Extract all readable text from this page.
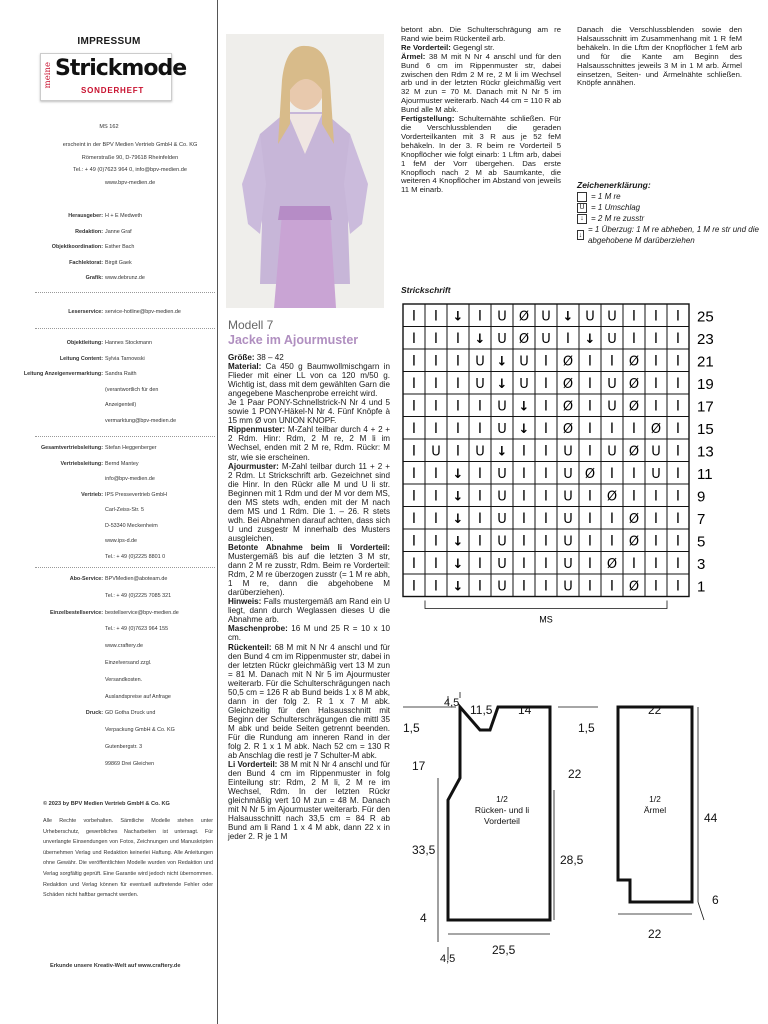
IMPRESSUM
meine Strickmode
SONDERHEFT
MS 162
erscheint in der BPV Medien Vertrieb GmbH & Co. KG
Römerstraße 90, D-79618 Rheinfelden
Tel.: + 49 (0)7623 964 0, info@bpv-medien.de
www.bpv-medien.de
Herausgeber: H + E Medweth
Redaktion: Janne Graf
Objektkoordination: Esther Bach
Fachlektorat: Birgit Gaek
Grafik: www.debrunz.de
Leserservice: service-hotline@bpv-medien.de
Objektleitung: Hannes Stockmann
Leitung Content: Sylvia Tarnowski
Leitung Anzeigenvermarktung: Sandra Raith
(verantwortlich für den
Anzeigenteil)
vermarktung@bpv-medien.de
Gesamtvertriebsleitung: Stefan Heggenberger
Vertriebsleitung: Bernd Mantey
info@bpv-medien.de
Vertrieb: IPS Pressevertrieb GmbH
Carl-Zeiss-Str. 5
D-53340 Meckenheim
www.ips-d.de
Tel.: + 49 (0)2225 8801 0
Abo-Service: BPVMedien@aboteam.de
Tel.: + 49 (0)2225 7085 321
Einzelbestellservice: bestellservice@bpv-medien.de
Tel.: + 49 (0)7623 964 155
www.craftery.de
Einzelversand zzgl.
Versandkosten.
Auslandspreise auf Anfrage
Druck: GD Gotha Druck und
Verpackung GmbH & Co. KG
Gutenbergstr. 3
99869 Drei Gleichen
© 2023 by BPV Medien Vertrieb GmbH & Co. KG
Alle Rechte vorbehalten. Sämtliche Modelle stehen unter Urheberschutz, gewerbliches Nacharbeiten ist untersagt. Für unverlangte Einsendungen von Fotos, Zeichnungen und Manuskripten übernehmen Verlag und Redaktion keinerlei Haftung. Alle Anleitungen ohne Gewähr. Die veröffentlichten Modelle wurden von Redaktion und Verlag sorgfältig geprüft. Eine Garantie wird jedoch nicht übernommen. Redaktion und Verlag können für eventuell auftretende Fehler oder Schäden nicht haftbar gemacht werden.
Erkunde unsere Kreativ-Welt auf www.craftery.de
Modell 7
Jacke im Ajourmuster

Größe: 38 – 42

Material: Ca 450 g Baumwollmischgarn in Flieder mit einer LL von ca 120 m/50 g. Wichtig ist, dass mit dem gewählten Garn die angegebene Maschenprobe erreicht wird.

Je 1 Paar PONY-Schnellstrick-N Nr 4 und 5 sowie 1 PONY-Häkel-N Nr 4. Fünf Knöpfe à 15 mm Ø von UNION KNOPF.

Rippenmuster: M-Zahl teilbar durch 4 + 2 + 2 Rdm. Hinr: Rdm, 2 M re, 2 M li im Wechsel, enden mit 2 M re, Rdm. Rückr: M str, wie sie erscheinen.

Ajourmuster: M-Zahl teilbar durch 11 + 2 + 2 Rdm. Lt Strickschrift arb. Gezeichnet sind die Hinr. In den Rückr alle M und U li str. Beginnen mit 1 Rdm und der M vor dem MS, den MS stets wdh, enden mit der M nach dem MS und 1 Rdm. Die 1. – 26. R stets wdh. Bei Abnahmen darauf achten, dass sich U und zusgestr M innerhalb des Musters ausgleichen.

Betonte Abnahme beim li Vorderteil: Mustergemäß bis auf die letzten 3 M str, dann 2 M re zusstr, Rdm. Beim re Vorderteil: Rdm, 2 M re überzogen zusstr (= 1 M re abh, 1 M re, dann die abgehobene M darüberziehen).

Hinweis: Falls mustergemäß am Rand ein U liegt, dann durch Weglassen dieses U die Abnahme arb.

Maschenprobe: 16 M und 25 R = 10 x 10 cm.

Rückenteil: 68 M mit N Nr 4 anschl und für den Bund 4 cm im Rippenmuster str, dabei in der letzten Rückr gleichmäßig vert 13 M zun = 81 M. Danach mit N Nr 5 im Ajourmuster weiterarb. Für die Schulterschrägungen nach 50,5 cm = 126 R ab Bund beids 1 x 8 M abk, dann in der folg 2. R 1 x 7 M abk. Gleichzeitig für den Halsausschnitt mit Beginn der Schulterschrägungen die mittl 35 M abk und beide Seiten getrennt beenden. Für die Rundung am inneren Rand in der folg 2. R 1 x 1 M abk. Nach 52 cm = 130 R ab Anschlag die restl je 7 Schulter-M abk.

Li Vorderteil: 38 M mit N Nr 4 anschl und für den Bund 4 cm im Rippenmuster in folg Einteilung str: Rdm, 2 M li, 2 M re im Wechsel, Rdm. In der letzten Rückr gleichmäßig vert 10 M zun = 48 M. Danach mit N Nr 5 im Ajourmuster weiterarb. Für den Halsausschnitt nach 33,5 cm = 84 R ab Bund am li Rand 1 x 4 M abk, dann 22 x in jeder 2. R je 1 M

betont abn. Die Schulterschrägung am re Rand wie beim Rückenteil arb.

Re Vorderteil: Gegengl str.

Ärmel: 38 M mit N Nr 4 anschl und für den Bund 6 cm im Rippenmuster str, dabei zwischen den Rdm 2 M re, 2 M li im Wechsel arb und in der letzten Rückr gleichmäßig vert 32 M zun = 70 M. Danach mit N Nr 5 im Ajourmuster weiterarb. Nach 44 cm = 110 R ab Bund alle M abk.

Fertigstellung: Schulternähte schließen. Für die Verschlussblenden die geraden Vorderteilkanten mit 3 R aus je 52 feM behäkeln. In der 3. R beim re Vorderteil 5 Knopflöcher wie folgt einarb: 1 Lftm arb, dabei 1 feM der Vorr übergehen. Das erste Knopfloch nach 2 M ab Saumkante, die weiteren 4 Knopflöcher im Abstand von jeweils 11 M einarb.

Danach die Verschlussblenden sowie den Halsausschnitt im Zusammenhang mit 1 R feM behäkeln. In die Lftm der Knopflöcher 1 feM arb und für die Kante am Beginn des Halsausschnittes jeweils 3 M in 1 M arb. Ärmel einsetzen, Seiten- und Ärmelnähte schließen. Knöpfe annähen.
Zeichenerklärung:
= 1 M re
U = 1 Umschlag
↓ = 2 M re zusstr
↓
= 1 Überzug: 1 M re abheben, 1 M re str und die abgehobene M darüberziehen
Strickschrift
I I ↓ I U Ø U ↓ U U I I I 25
I I I ↓ U Ø U I ↓ U I I I 23
I I I U ↓ U I Ø I I Ø I I 21
I I I U ↓ U I Ø I U Ø I I 19
I I I I U ↓ I Ø I U Ø I I 17
I I I I U ↓ I Ø I I I Ø I 15
I U I U ↓ I I U I U Ø U I 13
I I ↓ I U I I U Ø I I U I 11
I I ↓ I U I I U I Ø I I I 9
I I ↓ I U I I U I I Ø I I 7
I I ↓ I U I I U I I Ø I I 5
I I ↓ I U I I U I Ø I I I 3
I I ↓ I U I I U I I Ø I I 1
MS
4,5 11,5 14
1,5
17
22
33,5
28,5
4
25,5
4,5
1,5
22
44
6
22
1/2
Rücken- und li
Vorderteil
1/2
Ärmel
